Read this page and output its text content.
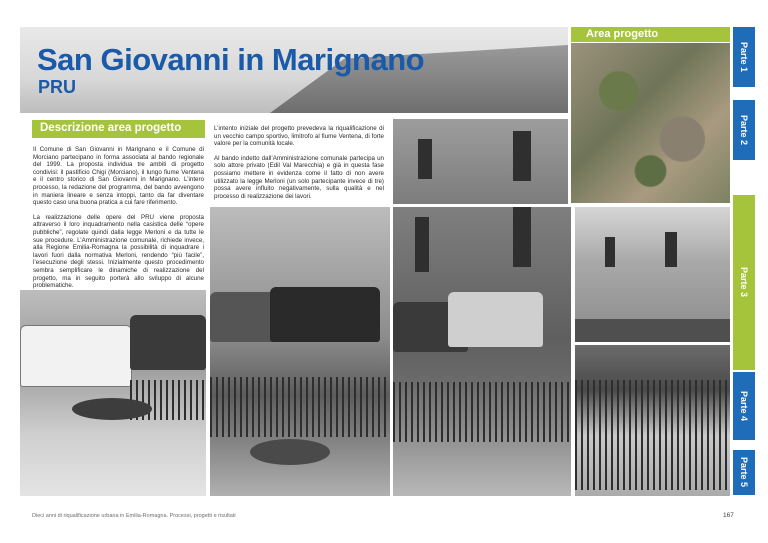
San Giovanni in Marignano
PRU
Descrizione area progetto
Area progetto

Il Comune di San Giovanni in Marignano e il Comune di Morciano partecipano in forma associata al bando regionale del 1999. La proposta individua tre ambiti di progetto condivisi: il pastificio Chigi (Morciano), il lungo fiume Ventena e il centro storico di San Giovanni in Marignano. L’intero processo, la redazione del programma, del bando avvengono in maniera lineare e senza intoppi, tanto da far diventare questo caso una buona pratica a cui fare riferimento.

La realizzazione delle opere del PRU viene proposta attraverso il loro inquadramento nella casistica delle “opere pubbliche”, regolate quindi dalla legge Merloni e da tutte le sue procedure. L’Amministrazione comunale, richiede invece, alla Regione Emilia-Romagna la possibilità di inquadrare i lavori fuori dalla normativa Merloni, rendendo “più facile”, l’esecuzione degli stessi. Inizialmente questo procedimento sembra semplificare le dinamiche di realizzazione del progetto, ma in seguito porterà allo sviluppo di alcune problematiche.

L’intento iniziale del progetto prevedeva la riqualificazione di un vecchio campo sportivo, limitrofo al fiume Ventena, di forte valore per la comunità locale.

Al bando indetto dall’Amministrazione comunale partecipa un solo attore privato (Edil Val Marecchia) e già in questa fase possiamo mettere in evidenza come il fatto di non avere utilizzato la legge Merloni (un solo partecipante invece di tre) possa avere influito negativamente, sulla qualità e nel processo di realizzazione dei lavori.

Parte 1
Parte 2
Parte 3
Parte 4
Parte 5
Dieci anni di riqualificazione urbana in Emilia-Romagna. Processi, progetti e risultati	167
